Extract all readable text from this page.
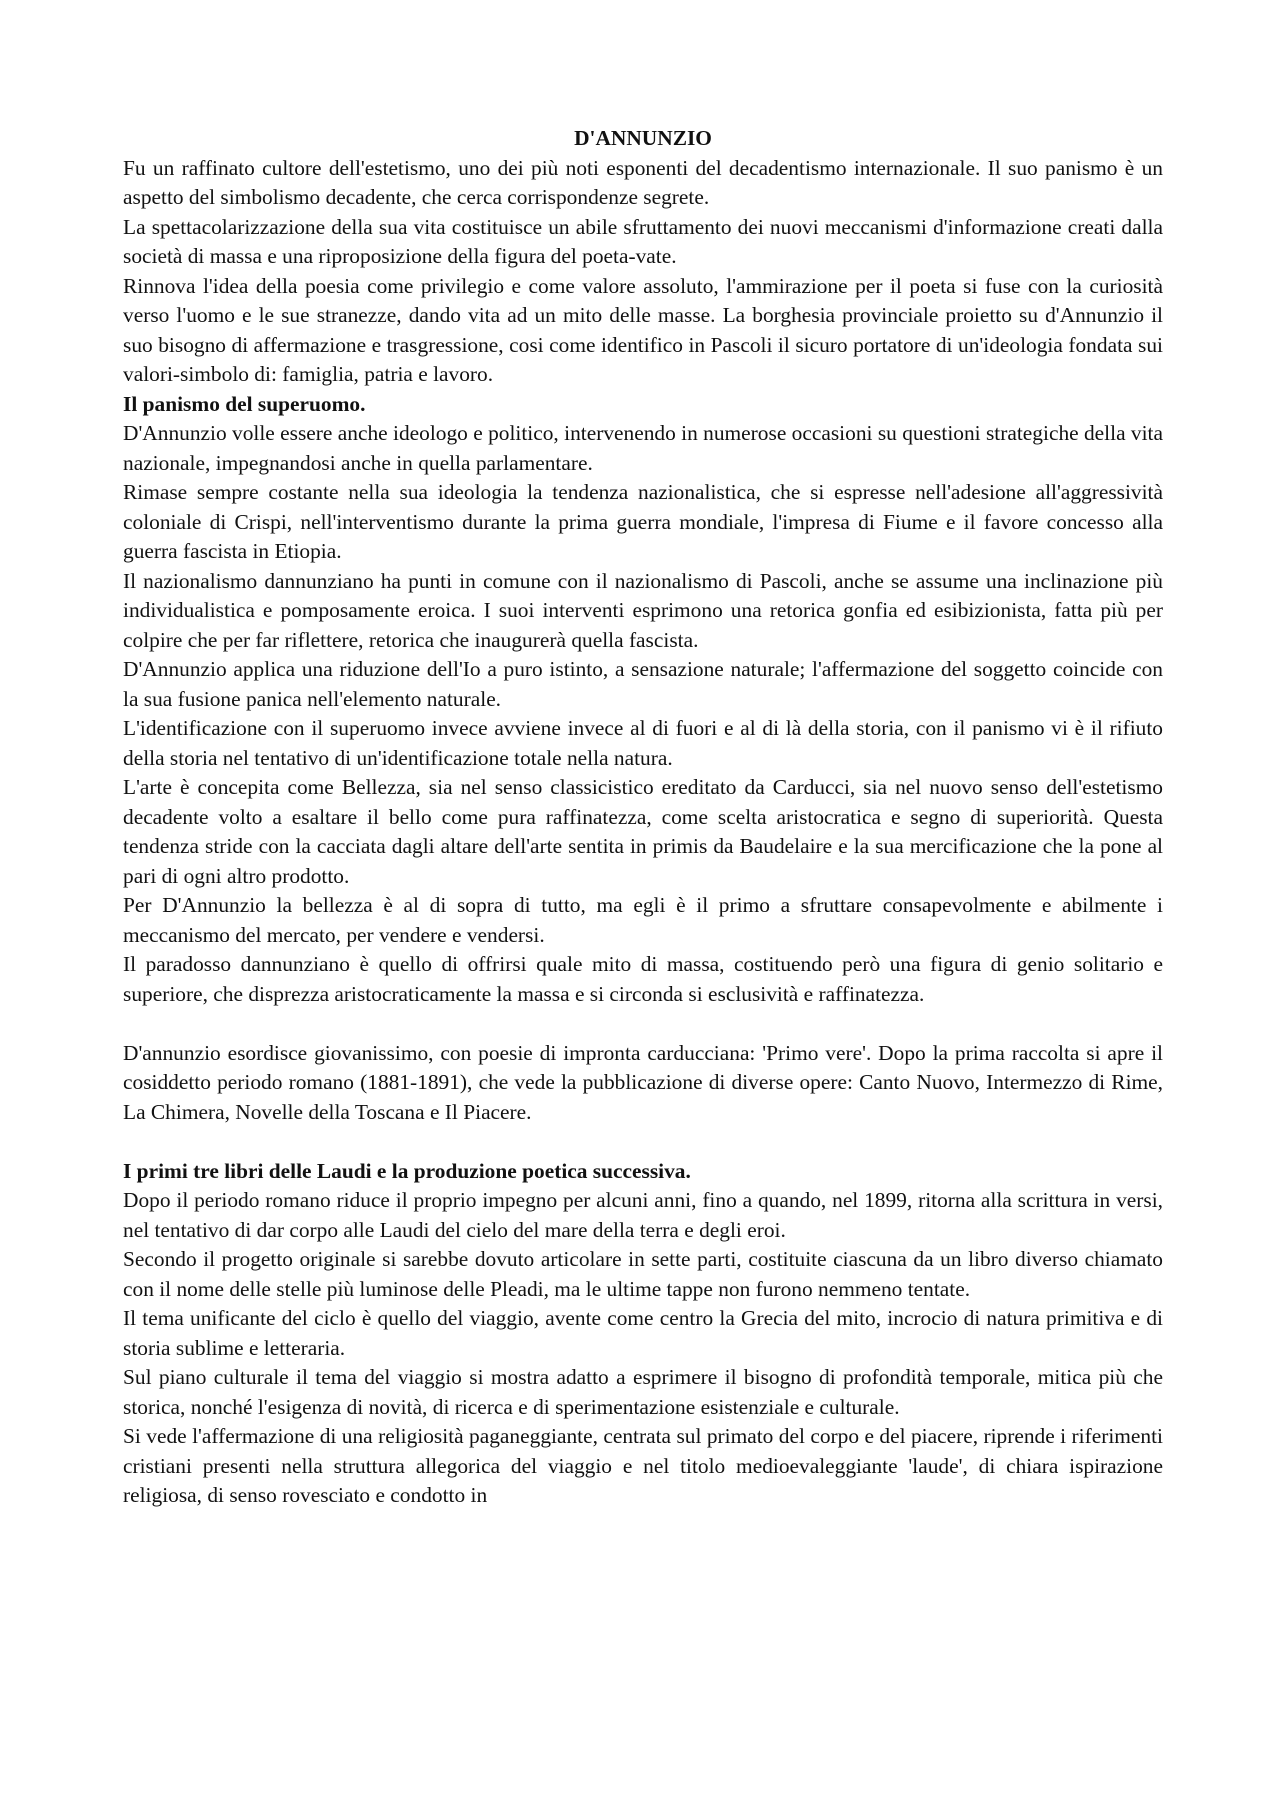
D'ANNUNZIO

Fu un raffinato cultore dell'estetismo, uno dei più noti esponenti del decadentismo internazionale. Il suo panismo è un aspetto del simbolismo decadente, che cerca corrispondenze segrete.

La spettacolarizzazione della sua vita costituisce un abile sfruttamento dei nuovi meccanismi d'informazione creati dalla società di massa e una riproposizione della figura del poeta-vate.

Rinnova l'idea della poesia come privilegio e come valore assoluto, l'ammirazione per il poeta si fuse con la curiosità verso l'uomo e le sue stranezze, dando vita ad un mito delle masse. La borghesia provinciale proietto su d'Annunzio il suo bisogno di affermazione e trasgressione, cosi come identifico in Pascoli il sicuro portatore di un'ideologia fondata sui valori-simbolo di: famiglia, patria e lavoro.

Il panismo del superuomo.

D'Annunzio volle essere anche ideologo e politico, intervenendo in numerose occasioni su questioni strategiche della vita nazionale, impegnandosi anche in quella parlamentare.

Rimase sempre costante nella sua ideologia la tendenza nazionalistica, che si espresse nell'adesione all'aggressività coloniale di Crispi, nell'interventismo durante la prima guerra mondiale, l'impresa di Fiume e il favore concesso alla guerra fascista in Etiopia.

Il nazionalismo dannunziano ha punti in comune con il nazionalismo di Pascoli, anche se assume una inclinazione più individualistica e pomposamente eroica. I suoi interventi esprimono una retorica gonfia ed esibizionista, fatta più per colpire che per far riflettere, retorica che inaugurerà quella fascista.

D'Annunzio applica una riduzione dell'Io a puro istinto, a sensazione naturale; l'affermazione del soggetto coincide con la sua fusione panica nell'elemento naturale.

L'identificazione con il superuomo invece avviene invece al di fuori e al di là della storia, con il panismo vi è il rifiuto della storia nel tentativo di un'identificazione totale nella natura.

L'arte è concepita come Bellezza, sia nel senso classicistico ereditato da Carducci, sia nel nuovo senso dell'estetismo decadente volto a esaltare il bello come pura raffinatezza, come scelta aristocratica e segno di superiorità. Questa tendenza stride con la cacciata dagli altare dell'arte sentita in primis da Baudelaire e la sua mercificazione che la pone al pari di ogni altro prodotto.

Per D'Annunzio la bellezza è al di sopra di tutto, ma egli è il primo a sfruttare consapevolmente e abilmente i meccanismo del mercato, per vendere e vendersi.

Il paradosso dannunziano è quello di offrirsi quale mito di massa, costituendo però una figura di genio solitario e superiore, che disprezza aristocraticamente la massa e si circonda si esclusività e raffinatezza.

D'annunzio esordisce giovanissimo, con poesie di impronta carducciana: 'Primo vere'. Dopo la prima raccolta si apre il cosiddetto periodo romano (1881-1891), che vede la pubblicazione di diverse opere: Canto Nuovo, Intermezzo di Rime, La Chimera, Novelle della Toscana e Il Piacere.

I primi tre libri delle Laudi e la produzione poetica successiva.

Dopo il periodo romano riduce il proprio impegno per alcuni anni, fino a quando, nel 1899, ritorna alla scrittura in versi, nel tentativo di dar corpo alle Laudi del cielo del mare della terra e degli eroi.

Secondo il progetto originale si sarebbe dovuto articolare in sette parti, costituite ciascuna da un libro diverso chiamato con il nome delle stelle più luminose delle Pleadi, ma le ultime tappe non furono nemmeno tentate.

Il tema unificante del ciclo è quello del viaggio, avente come centro la Grecia del mito, incrocio di natura primitiva e di storia sublime e letteraria.

Sul piano culturale il tema del viaggio si mostra adatto a esprimere il bisogno di profondità temporale, mitica più che storica, nonché l'esigenza di novità, di ricerca e di sperimentazione esistenziale e culturale.

Si vede l'affermazione di una religiosità paganeggiante, centrata sul primato del corpo e del piacere, riprende i riferimenti cristiani presenti nella struttura allegorica del viaggio e nel titolo medioevaleggiante 'laude', di chiara ispirazione religiosa, di senso rovesciato e condotto in
